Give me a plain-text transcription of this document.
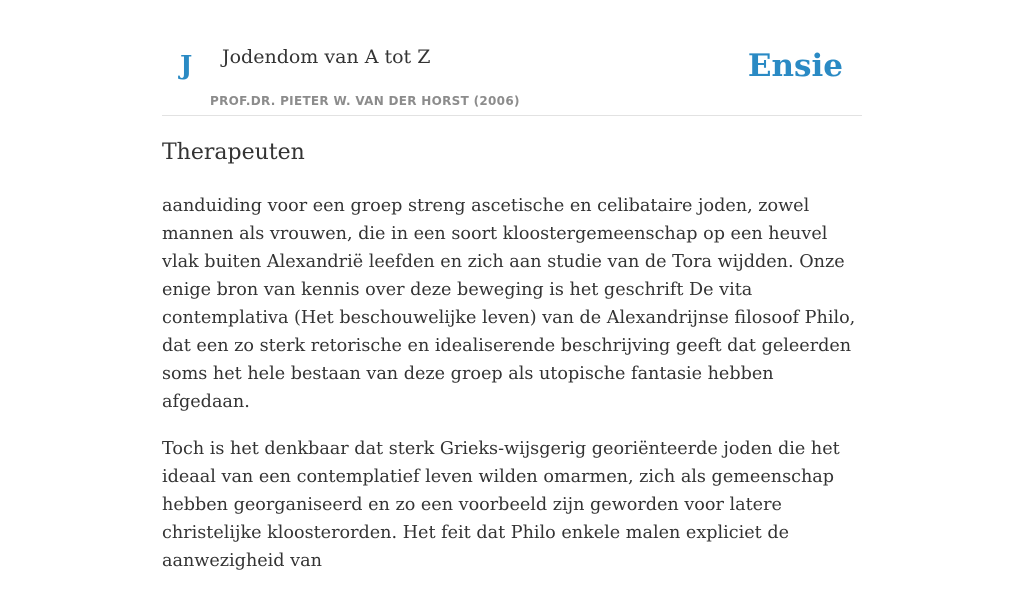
J Jodendom van A tot Z
PROF.DR. PIETER W. VAN DER HORST (2006)
Ensie
Therapeuten

aanduiding voor een groep streng ascetische en celibataire joden, zowel mannen als vrouwen, die in een soort kloostergemeenschap op een heuvel vlak buiten Alexandrië leefden en zich aan studie van de Tora wijdden. Onze enige bron van kennis over deze beweging is het geschrift De vita contemplativa (Het beschouwelijke leven) van de Alexandrijnse filosoof Philo, dat een zo sterk retorische en idealiserende beschrijving geeft dat geleerden soms het hele bestaan van deze groep als utopische fantasie hebben afgedaan.

Toch is het denkbaar dat sterk Grieks-wijsgerig georiënteerde joden die het ideaal van een contemplatief leven wilden omarmen, zich als gemeenschap hebben georganiseerd en zo een voorbeeld zijn geworden voor latere christelijke kloosterorden. Het feit dat Philo enkele malen expliciet de aanwezigheid van
